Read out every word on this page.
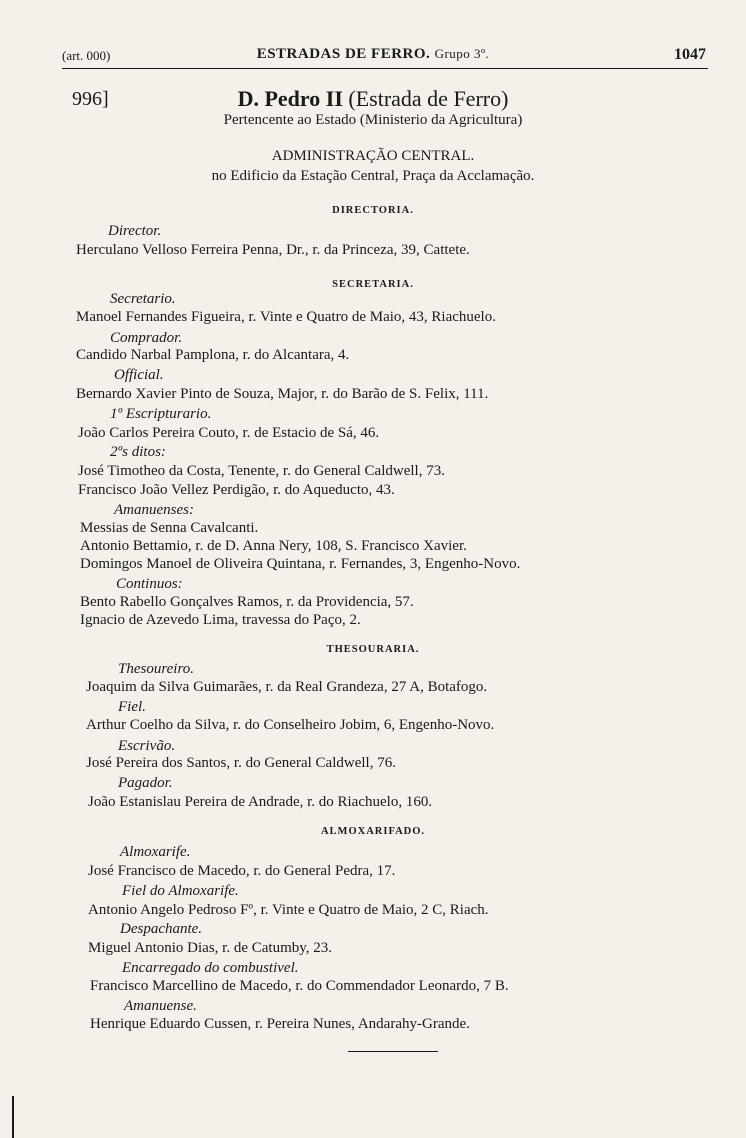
(art. 000)	ESTRADAS DE FERRO. Grupo 3º.	1047
996]	D. Pedro II (Estrada de Ferro)
Pertencente ao Estado (Ministerio da Agricultura)
ADMINISTRAÇÃO CENTRAL.
no Edificio da Estação Central, Praça da Acclamação.
DIRECTORIA.
Director.
Herculano Velloso Ferreira Penna, Dr., r. da Princeza, 39, Cattete.
SECRETARIA.
Secretario.
Manoel Fernandes Figueira, r. Vinte e Quatro de Maio, 43, Riachuelo.
Comprador.
Candido Narbal Pamplona, r. do Alcantara, 4.
Official.
Bernardo Xavier Pinto de Souza, Major, r. do Barão de S. Felix, 111.
1º Escripturario.
João Carlos Pereira Couto, r. de Estacio de Sá, 46.
2ºs ditos:
José Timotheo da Costa, Tenente, r. do General Caldwell, 73.
Francisco João Vellez Perdigão, r. do Aqueducto, 43.
Amanuenses:
Messias de Senna Cavalcanti.
Antonio Bettamio, r. de D. Anna Nery, 108, S. Francisco Xavier.
Domingos Manoel de Oliveira Quintana, r. Fernandes, 3, Engenho-Novo.
Continuos:
Bento Rabello Gonçalves Ramos, r. da Providencia, 57.
Ignacio de Azevedo Lima, travessa do Paço, 2.
THESOURARIA.
Thesoureiro.
Joaquim da Silva Guimarães, r. da Real Grandeza, 27 A, Botafogo.
Fiel.
Arthur Coelho da Silva, r. do Conselheiro Jobim, 6, Engenho-Novo.
Escrivão.
José Pereira dos Santos, r. do General Caldwell, 76.
Pagador.
João Estanislau Pereira de Andrade, r. do Riachuelo, 160.
ALMOXARIFADO.
Almoxarife.
José Francisco de Macedo, r. do General Pedra, 17.
Fiel do Almoxarife.
Antonio Angelo Pedroso Fº, r. Vinte e Quatro de Maio, 2 C, Riach.
Despachante.
Miguel Antonio Dias, r. de Catumby, 23.
Encarregado do combustivel.
Francisco Marcellino de Macedo, r. do Commendador Leonardo, 7 B.
Amanuense.
Henrique Eduardo Cussen, r. Pereira Nunes, Andarahy-Grande.
